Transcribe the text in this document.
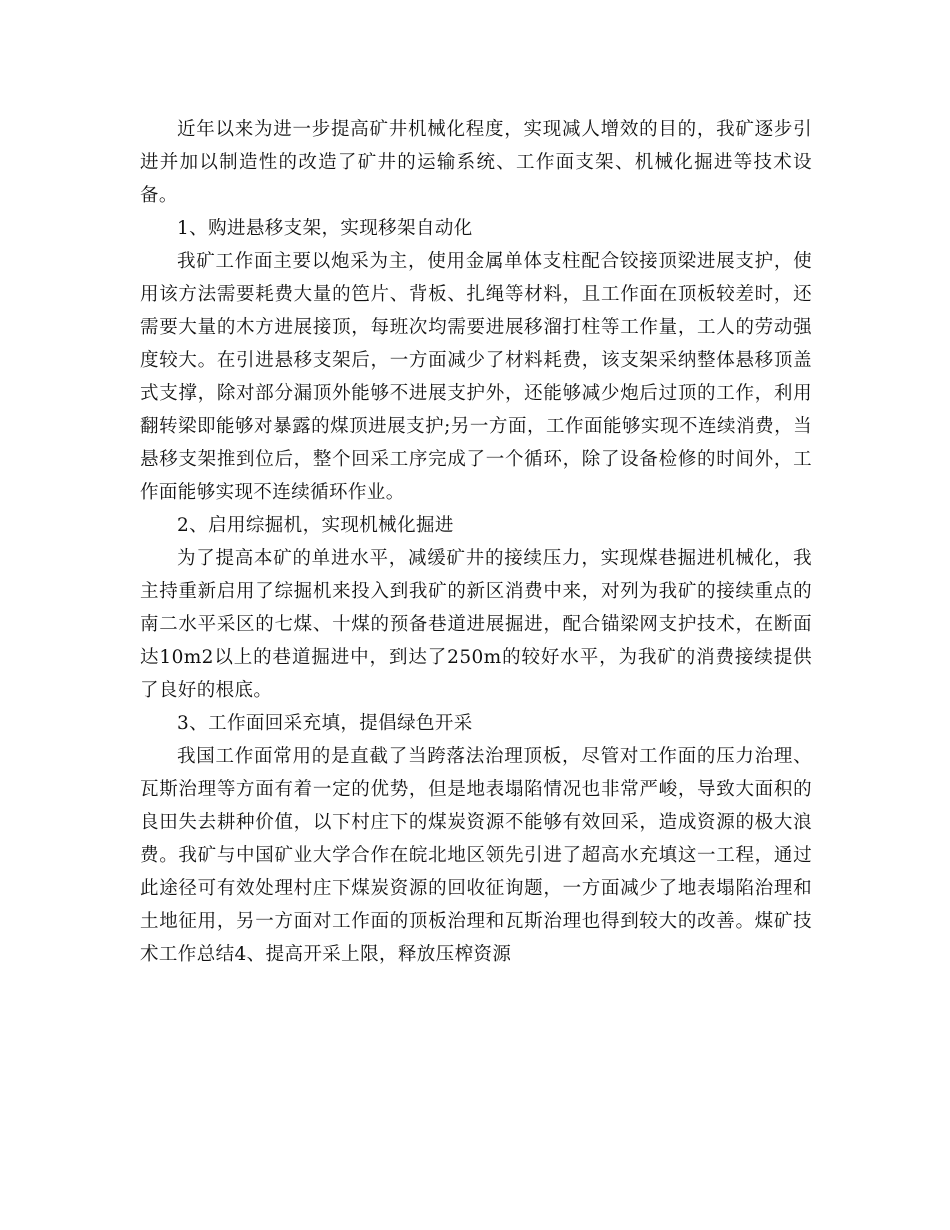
近年以来为进一步提高矿井机械化程度，实现减人增效的目的，我矿逐步引进并加以制造性的改造了矿井的运输系统、工作面支架、机械化掘进等技术设备。

1、购进悬移支架，实现移架自动化

我矿工作面主要以炮采为主，使用金属单体支柱配合铰接顶梁进展支护，使用该方法需要耗费大量的笆片、背板、扎绳等材料，且工作面在顶板较差时，还需要大量的木方进展接顶，每班次均需要进展移溜打柱等工作量，工人的劳动强度较大。在引进悬移支架后，一方面减少了材料耗费，该支架采纳整体悬移顶盖式支撑，除对部分漏顶外能够不进展支护外，还能够减少炮后过顶的工作，利用翻转梁即能够对暴露的煤顶进展支护;另一方面，工作面能够实现不连续消费，当悬移支架推到位后，整个回采工序完成了一个循环，除了设备检修的时间外，工作面能够实现不连续循环作业。

2、启用综掘机，实现机械化掘进

为了提高本矿的单进水平，减缓矿井的接续压力，实现煤巷掘进机械化，我主持重新启用了综掘机来投入到我矿的新区消费中来，对列为我矿的接续重点的南二水平采区的七煤、十煤的预备巷道进展掘进，配合锚梁网支护技术，在断面达10m2以上的巷道掘进中，到达了250m的较好水平，为我矿的消费接续提供了良好的根底。

3、工作面回采充填，提倡绿色开采

我国工作面常用的是直截了当跨落法治理顶板，尽管对工作面的压力治理、瓦斯治理等方面有着一定的优势，但是地表塌陷情况也非常严峻，导致大面积的良田失去耕种价值，以下村庄下的煤炭资源不能够有效回采，造成资源的极大浪费。我矿与中国矿业大学合作在皖北地区领先引进了超高水充填这一工程，通过此途径可有效处理村庄下煤炭资源的回收征询题，一方面减少了地表塌陷治理和土地征用，另一方面对工作面的顶板治理和瓦斯治理也得到较大的改善。煤矿技术工作总结4、提高开采上限，释放压榨资源
